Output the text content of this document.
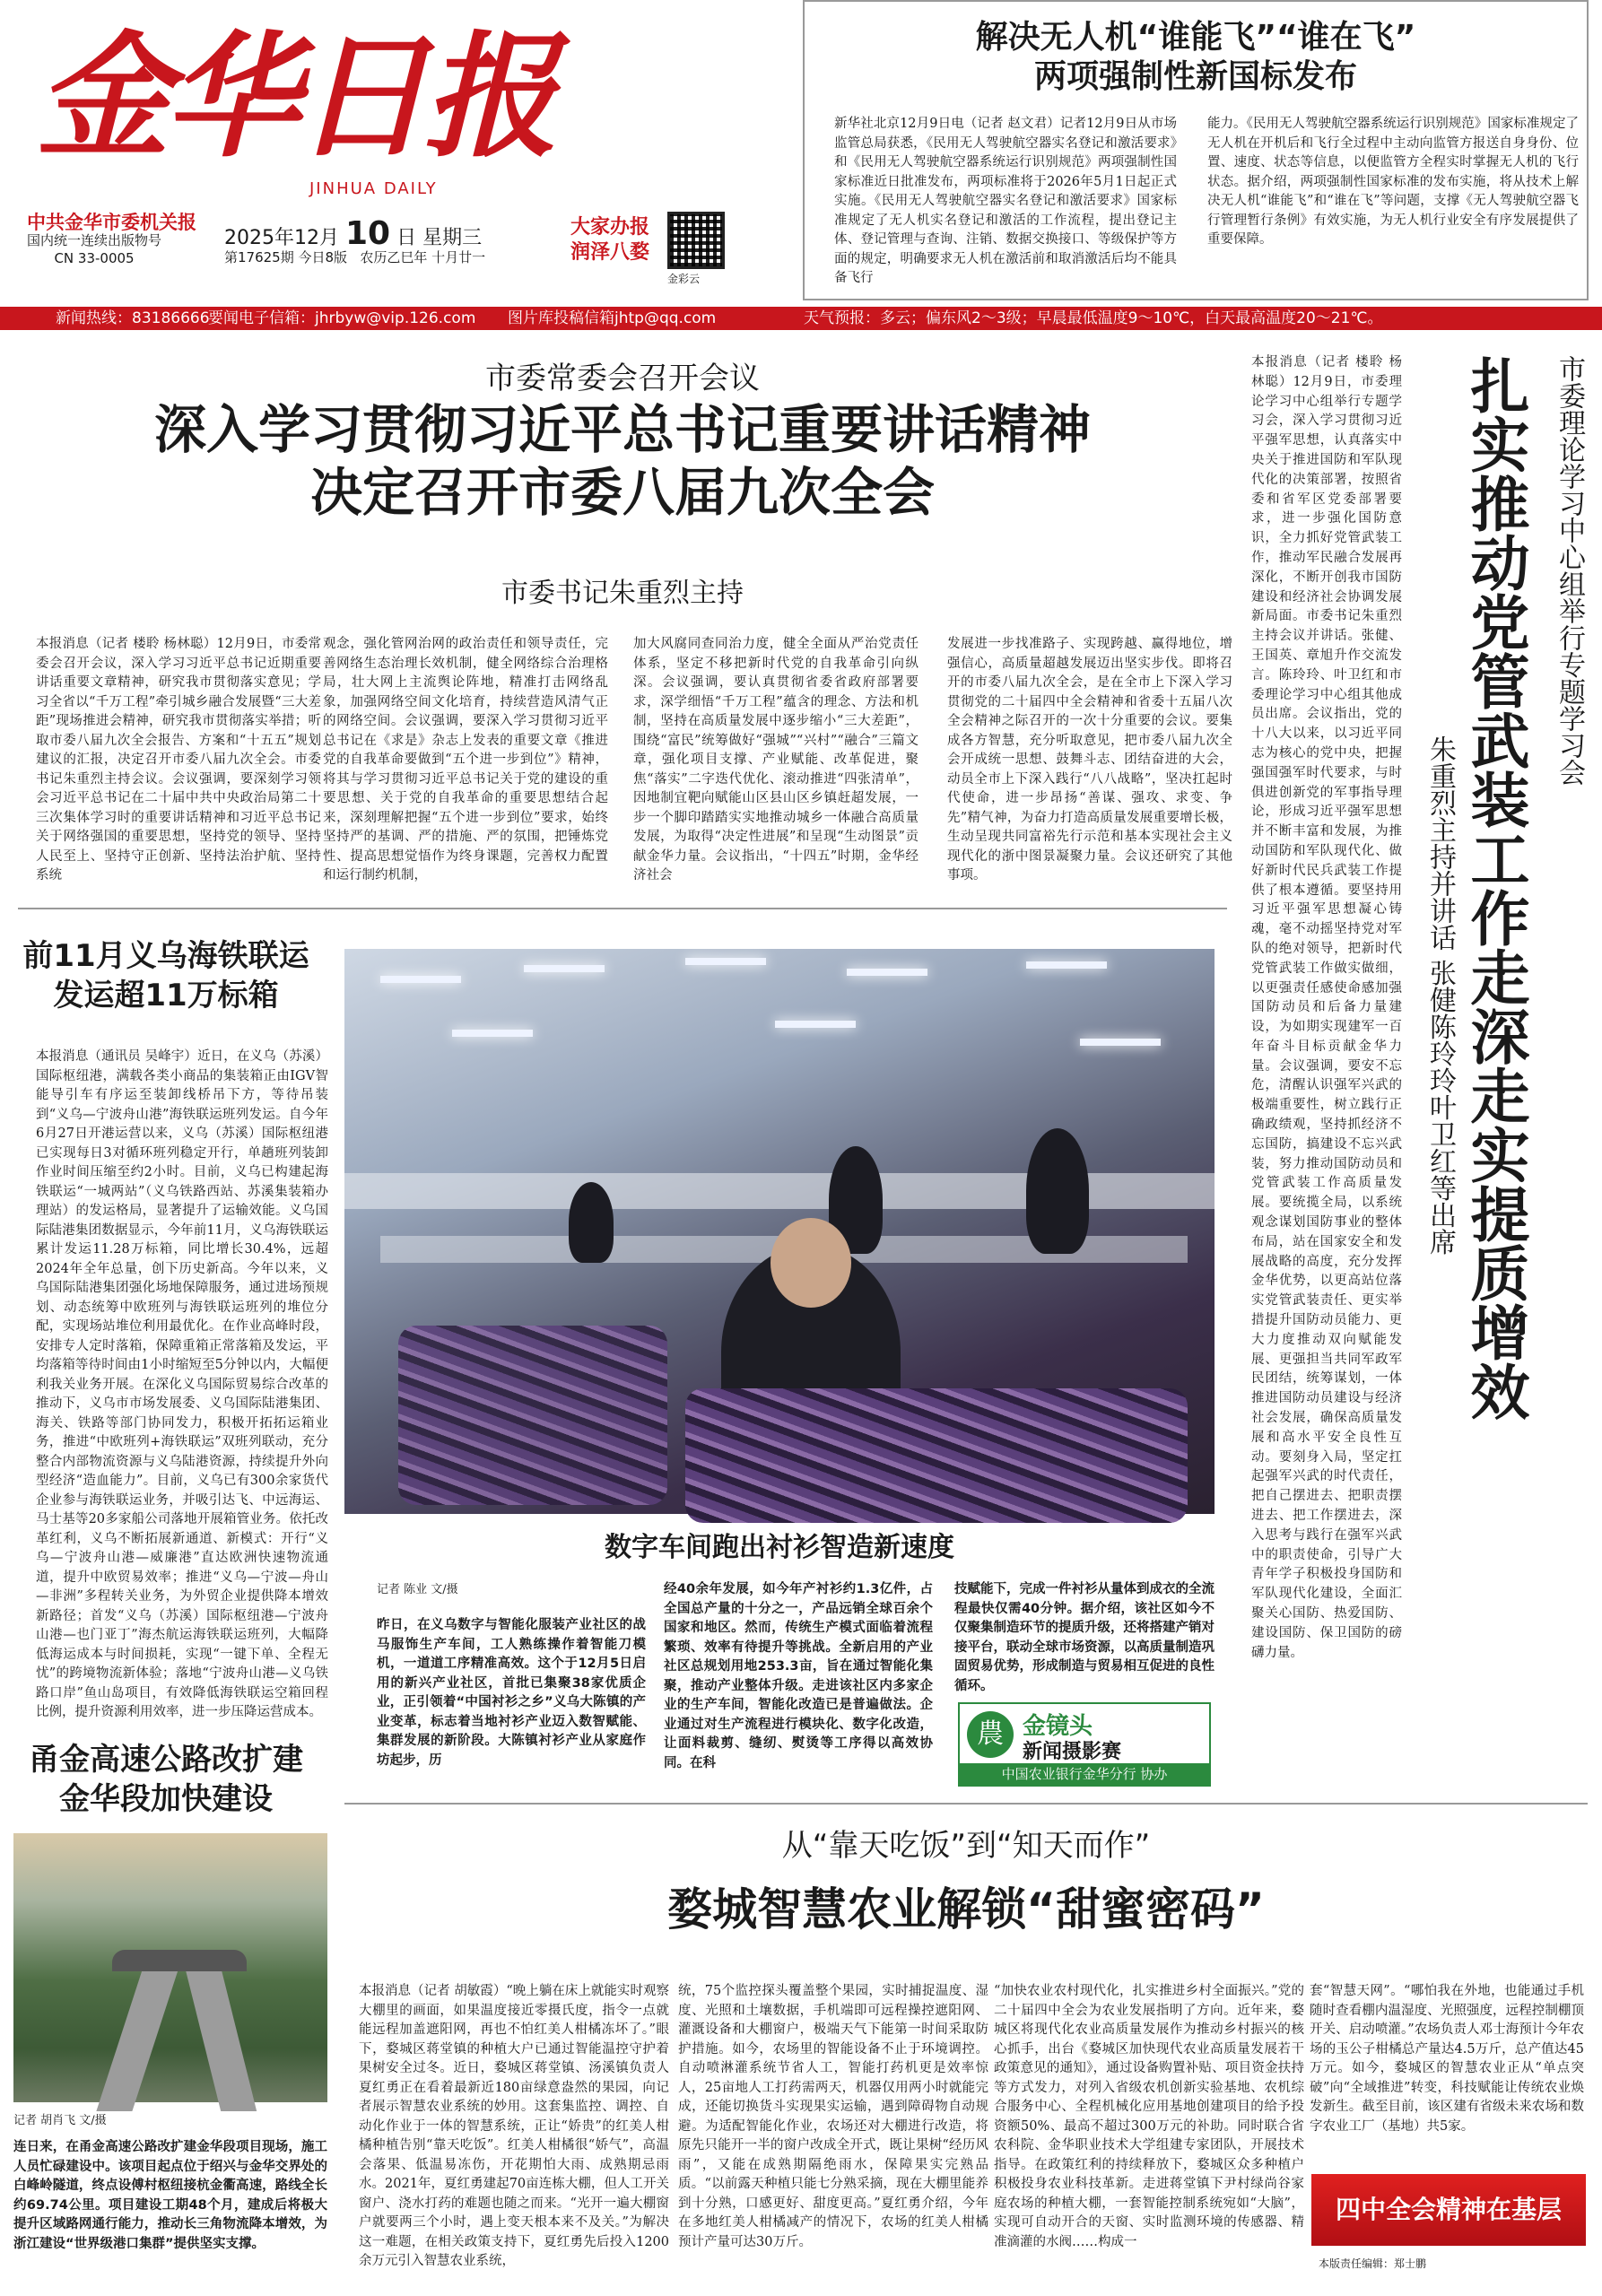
金华日报
JINHUA DAILY
中共金华市委机关报
国内统一连续出版物号
CN 33-0005
2025年12月 10 日 星期三
第17625期 今日8版 农历乙巳年 十月廿一
大家办报
润泽八婺
金彩云
解决无人机“谁能飞”“谁在飞”
两项强制性新国标发布
新华社北京12月9日电（记者 赵文君）记者12月9日从市场监管总局获悉，《民用无人驾驶航空器实名登记和激活要求》和《民用无人驾驶航空器系统运行识别规范》两项强制性国家标准近日批准发布，两项标准将于2026年5月1日起正式实施。《民用无人驾驶航空器实名登记和激活要求》国家标准规定了无人机实名登记和激活的工作流程，提出登记主体、登记管理与查询、注销、数据交换接口、等级保护等方面的规定，明确要求无人机在激活前和取消激活后均不能具备飞行
能力。《民用无人驾驶航空器系统运行识别规范》国家标准规定了无人机在开机后和飞行全过程中主动向监管方报送自身身份、位置、速度、状态等信息，以便监管方全程实时掌握无人机的飞行状态。据介绍，两项强制性国家标准的发布实施，将从技术上解决无人机“谁能飞”和“谁在飞”等问题，支撑《无人驾驶航空器飞行管理暂行条例》有效实施，为无人机行业安全有序发展提供了重要保障。
新闻热线：83186666
要闻电子信箱：jhrbyw@vip.126.com 图片库投稿信箱jhtp@qq.com	天气预报：多云；偏东风2～3级；早晨最低温度9～10℃，白天最高温度20～21℃。
市委常委会召开会议
深入学习贯彻习近平总书记重要讲话精神
决定召开市委八届九次全会
市委书记朱重烈主持
本报消息（记者 楼聆 杨林聪）12月9日，市委常委会召开会议，深入学习习近平总书记近期重要讲话重要文章精神，研究我市贯彻落实意见；学习全省以“千万工程”牵引城乡融合发展暨“三大差距”现场推进会精神，研究我市贯彻落实举措；听取市委八届九次全会报告、方案和“十五五”规划建议的汇报，决定召开市委八届九次全会。市委书记朱重烈主持会议。会议强调，要深刻学习领会习近平总书记在二十届中共中央政治局第二十三次集体学习时的重要讲话精神和习近平总书记关于网络强国的重要思想，坚持党的领导、坚持人民至上、坚持守正创新、坚持法治护航、坚持系统
观念，强化管网治网的政治责任和领导责任，完善网络生态治理长效机制，健全网络综合治理格局，壮大网上主流舆论阵地，精准打击网络乱象，加强网络空间文化培育，持续营造风清气正的网络空间。会议强调，要深入学习贯彻习近平总书记在《求是》杂志上发表的重要文章《推进党的自我革命要做到“五个进一步到位”》精神，将其与学习贯彻习近平总书记关于党的建设的重要思想、关于党的自我革命的重要思想结合起来，深刻理解把握“五个进一步到位”要求，始终坚持严的基调、严的措施、严的氛围，把锤炼党性、提高思想觉悟作为终身课题，完善权力配置和运行制约机制，
加大风腐同查同治力度，健全全面从严治党责任体系，坚定不移把新时代党的自我革命引向纵深。会议强调，要认真贯彻省委省政府部署要求，深学细悟“千万工程”蕴含的理念、方法和机制，坚持在高质量发展中逐步缩小“三大差距”，围绕“富民”统筹做好“强城”“兴村”“融合”三篇文章，强化项目支撑、产业赋能、改革促进，聚焦“落实”二字迭代优化、滚动推进“四张清单”，因地制宜靶向赋能山区县山区乡镇赶超发展，一步一个脚印踏踏实实地推动城乡一体融合高质量发展，为取得“决定性进展”和呈现“生动图景”贡献金华力量。会议指出，“十四五”时期，金华经济社会
发展进一步找准路子、实现跨越、赢得地位，增强信心，高质量超越发展迈出坚实步伐。即将召开的市委八届九次全会，是在全市上下深入学习贯彻党的二十届四中全会精神和省委十五届八次全会精神之际召开的一次十分重要的会议。要集成各方智慧，充分听取意见，把市委八届九次全会开成统一思想、鼓舞斗志、团结奋进的大会，动员全市上下深入践行“八八战略”，坚决扛起时代使命，进一步昂扬“善谋、强攻、求变、争先”精气神，为奋力打造高质量发展重要增长极，生动呈现共同富裕先行示范和基本实现社会主义现代化的浙中图景凝聚力量。会议还研究了其他事项。
前11月义乌海铁联运
发运超11万标箱
本报消息（通讯员 吴峰宇）近日，在义乌（苏溪）国际枢纽港，满载各类小商品的集装箱正由IGV智能导引车有序运至装卸线桥吊下方，等待吊装到“义乌—宁波舟山港”海铁联运班列发运。自今年6月27日开港运营以来，义乌（苏溪）国际枢纽港已实现每日3对循环班列稳定开行，单趟班列装卸作业时间压缩至约2小时。目前，义乌已构建起海铁联运“一城两站”（义乌铁路西站、苏溪集装箱办理站）的发运格局，显著提升了运输效能。义乌国际陆港集团数据显示，今年前11月，义乌海铁联运累计发运11.28万标箱，同比增长30.4%，远超2024年全年总量，创下历史新高。今年以来，义乌国际陆港集团强化场地保障服务，通过进场预规划、动态统筹中欧班列与海铁联运班列的堆位分配，实现场站堆位利用最优化。在作业高峰时段，安排专人定时落箱，保障重箱正常落箱及发运，平均落箱等待时间由1小时缩短至5分钟以内，大幅便利我关业务开展。在深化义乌国际贸易综合改革的推动下，义乌市市场发展委、义乌国际陆港集团、海关、铁路等部门协同发力，积极开拓拓运箱业务，推进“中欧班列+海铁联运”双班列联动，充分整合内部物流资源与义乌陆港资源，持续提升外向型经济“造血能力”。目前，义乌已有300余家货代企业参与海铁联运业务，并吸引达飞、中远海运、马士基等20多家船公司落地开展箱管业务。依托改革红利，义乌不断拓展新通道、新模式：开行“义乌—宁波舟山港—威廉港”直达欧洲快速物流通道，提升中欧贸易效率；推进“义乌—宁波—舟山—非洲”多程转关业务，为外贸企业提供降本增效新路径；首发“义乌（苏溪）国际枢纽港—宁波舟山港—也门亚丁”海杰航运海铁联运班列，大幅降低海运成本与时间损耗，实现“一键下单、全程无忧”的跨境物流新体验；落地“宁波舟山港—义乌铁路口岸”鱼山岛项目，有效降低海铁联运空箱回程比例，提升资源利用效率，进一步压降运营成本。
数字车间跑出衬衫智造新速度
记者 陈业 文/摄
昨日，在义乌数字与智能化服装产业社区的战马服饰生产车间，工人熟练操作着智能刀模机，一道道工序精准高效。这个于12月5日启用的新兴产业社区，首批已集聚38家优质企业，正引领着“中国衬衫之乡”义乌大陈镇的产业变革，标志着当地衬衫产业迈入数智赋能、集群发展的新阶段。大陈镇衬衫产业从家庭作坊起步，历
经40余年发展，如今年产衬衫约1.3亿件，占全国总产量的十分之一，产品远销全球百余个国家和地区。然而，传统生产模式面临着流程繁琐、效率有待提升等挑战。全新启用的产业社区总规划用地253.3亩，旨在通过智能化集聚，推动产业整体升级。走进该社区内多家企业的生产车间，智能化改造已是普遍做法。企业通过对生产流程进行模块化、数字化改造，让面料裁剪、缝纫、熨烫等工序得以高效协同。在科
技赋能下，完成一件衬衫从量体到成衣的全流程最快仅需40分钟。据介绍，该社区如今不仅聚集制造环节的提质升级，还将搭建产销对接平台，联动全球市场资源，以高质量制造巩固贸易优势，形成制造与贸易相互促进的良性循环。
農 金镜头
新闻摄影赛
中国农业银行金华分行 协办
本报消息（记者 楼聆 杨林聪）12月9日，市委理论学习中心组举行专题学习会，深入学习贯彻习近平强军思想，认真落实中央关于推进国防和军队现代化的决策部署，按照省委和省军区党委部署要求，进一步强化国防意识，全力抓好党管武装工作，推动军民融合发展再深化，不断开创我市国防建设和经济社会协调发展新局面。市委书记朱重烈主持会议并讲话。张健、王国英、章旭升作交流发言。陈玲玲、叶卫红和市委理论学习中心组其他成员出席。会议指出，党的十八大以来，以习近平同志为核心的党中央，把握强国强军时代要求，与时俱进创新党的军事指导理论，形成习近平强军思想并不断丰富和发展，为推动国防和军队现代化、做好新时代民兵武装工作提供了根本遵循。要坚持用习近平强军思想凝心铸魂，毫不动摇坚持党对军队的绝对领导，把新时代党管武装工作做实做细，以更强责任感使命感加强国防动员和后备力量建设，为如期实现建军一百年奋斗目标贡献金华力量。会议强调，要安不忘危，清醒认识强军兴武的极端重要性，树立践行正确政绩观，坚持抓经济不忘国防，搞建设不忘兴武装，努力推动国防动员和党管武装工作高质量发展。要统揽全局，以系统观念谋划国防事业的整体布局，站在国家安全和发展战略的高度，充分发挥金华优势，以更高站位落实党管武装责任、更实举措提升国防动员能力、更大力度推动双向赋能发展、更强担当共同军政军民团结，统筹谋划，一体推进国防动员建设与经济社会发展，确保高质量发展和高水平安全良性互动。要刻身入局，坚定扛起强军兴武的时代责任，把自己摆进去、把职责摆进去、把工作摆进去，深入思考与践行在强军兴武中的职责使命，引导广大青年学子积极投身国防和军队现代化建设，全面汇聚关心国防、热爱国防、建设国防、保卫国防的磅礴力量。
市委理论学习中心组举行专题学习会
扎实推动党管武装工作走深走实提质增效
朱重烈主持并讲话 张健陈玲玲叶卫红等出席
甬金高速公路改扩建
金华段加快建设
记者 胡肖飞 文/摄
连日来，在甬金高速公路改扩建金华段项目现场，施工人员忙碌建设中。该项目起点位于绍兴与金华交界处的白峰岭隧道，终点设傅村枢纽接杭金衢高速，路线全长约69.74公里。项目建设工期48个月，建成后将极大提升区域路网通行能力，推动长三角物流降本增效，为浙江建设“世界级港口集群”提供坚实支撑。
从“靠天吃饭”到“知天而作”
婺城智慧农业解锁“甜蜜密码”
本报消息（记者 胡敏霞）“晚上躺在床上就能实时观察大棚里的画面，如果温度接近零摄氏度，指令一点就能远程加盖遮阳网，再也不怕红美人柑橘冻坏了。”眼下，婺城区蒋堂镇的种植大户已通过智能温控守护着果树安全过冬。近日，婺城区蒋堂镇、汤溪镇负责人夏红勇正在看着最新近180亩绿意盎然的果园，向记者展示智慧农业系统的妙用。这套集监控、调控、自动化作业于一体的智慧系统，正让“娇贵”的红美人柑橘种植告别“靠天吃饭”。红美人柑橘很“娇气”，高温会落果、低温易冻伤，开花期怕大雨、成熟期忌雨水。2021年，夏红勇建起70亩连栋大棚，但人工开关窗户、浇水打药的难题也随之而来。“光开一遍大棚窗户就要两三个小时，遇上变天根本来不及关。”为解决这一难题，在相关政策支持下，夏红勇先后投入1200余万元引入智慧农业系统，
统，75个监控探头覆盖整个果园，实时捕捉温度、湿度、光照和土壤数据，手机端即可远程操控遮阳网、灌溉设备和大棚窗户，极端天气下能第一时间采取防护措施。如今，农场里的智能设备不止于环境调控。自动喷淋灌系统节省人工，智能打药机更是效率惊人，25亩地人工打药需两天，机器仅用两小时就能完成，还能切换货斗实现果实运输，遇到障碍物自动规避。为适配智能化作业，农场还对大棚进行改造，将原先只能开一半的窗户改成全开式，既让果树“经历风雨”，又能在成熟期隔绝雨水，保障果实完熟品质。“以前露天种植只能七分熟采摘，现在大棚里能养到十分熟，口感更好、甜度更高。”夏红勇介绍，今年在多地红美人柑橘减产的情况下，农场的红美人柑橘预计产量可达30万斤。
“加快农业农村现代化，扎实推进乡村全面振兴。”党的二十届四中全会为农业发展指明了方向。近年来，婺城区将现代化农业高质量发展作为推动乡村振兴的核心抓手，出台《婺城区加快现代农业高质量发展若干政策意见的通知》，通过设备购置补贴、项目资金扶持等方式发力，对列入省级农机创新实验基地、农机综合服务中心、全程机械化应用基地创建项目的给予投资额50%、最高不超过300万元的补助。同时联合省农科院、金华职业技术大学组建专家团队，开展技术指导。在政策红利的持续释放下，婺城区众多种植户积极投身农业科技革新。走进蒋堂镇下尹村绿尚谷家庭农场的种植大棚，一套智能控制系统宛如“大脑”，实现可自动开合的天窗、实时监测环境的传感器、精准滴灌的水阀……构成一
套“智慧天网”。“哪怕我在外地，也能通过手机随时查看棚内温湿度、光照强度，远程控制棚顶开关、启动喷灌。”农场负责人邓士海预计今年农场的玉公子柑橘总产量达4.5万斤，总产值达45万元。如今，婺城区的智慧农业正从“单点突破”向“全域推进”转变，科技赋能让传统农业焕发新生。截至目前，该区建有省级未来农场和数字农业工厂（基地）共5家。
四中全会精神在基层
本版责任编辑：郑士鹏
